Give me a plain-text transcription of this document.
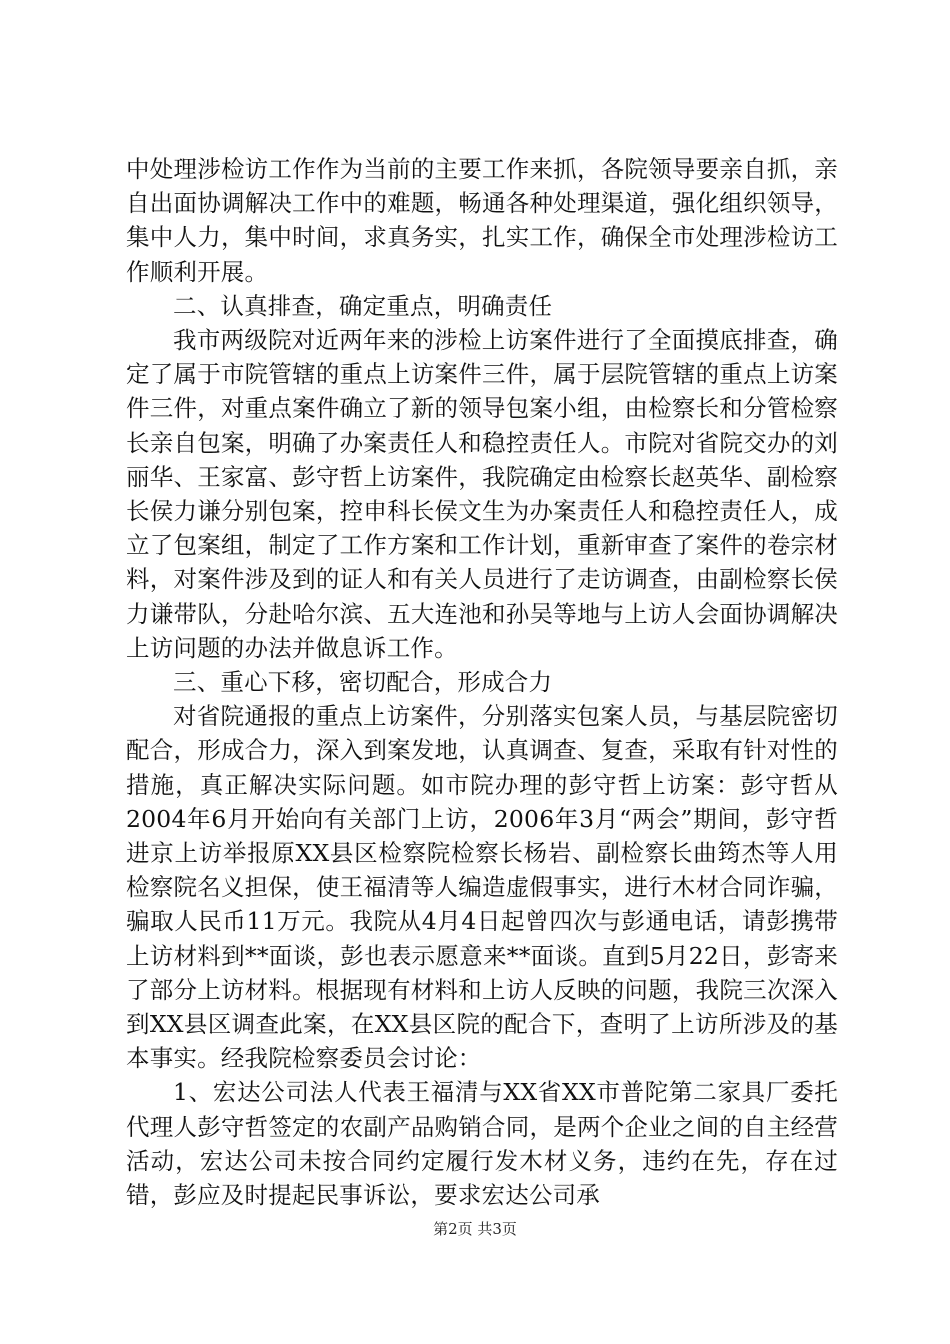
中处理涉检访工作作为当前的主要工作来抓，各院领导要亲自抓，亲自出面协调解决工作中的难题，畅通各种处理渠道，强化组织领导，集中人力，集中时间，求真务实，扎实工作，确保全市处理涉检访工作顺利开展。

二、认真排查，确定重点，明确责任

我市两级院对近两年来的涉检上访案件进行了全面摸底排查，确定了属于市院管辖的重点上访案件三件，属于层院管辖的重点上访案件三件，对重点案件确立了新的领导包案小组，由检察长和分管检察长亲自包案，明确了办案责任人和稳控责任人。市院对省院交办的刘丽华、王家富、彭守哲上访案件，我院确定由检察长赵英华、副检察长侯力谦分别包案，控申科长侯文生为办案责任人和稳控责任人，成立了包案组，制定了工作方案和工作计划，重新审查了案件的卷宗材料，对案件涉及到的证人和有关人员进行了走访调查，由副检察长侯力谦带队，分赴哈尔滨、五大连池和孙吴等地与上访人会面协调解决上访问题的办法并做息诉工作。

三、重心下移，密切配合，形成合力

对省院通报的重点上访案件，分别落实包案人员，与基层院密切配合，形成合力，深入到案发地，认真调查、复查，采取有针对性的措施，真正解决实际问题。如市院办理的彭守哲上访案：彭守哲从2004年6月开始向有关部门上访，2006年3月“两会”期间，彭守哲进京上访举报原XX县区检察院检察长杨岩、副检察长曲筠杰等人用检察院名义担保，使王福清等人编造虚假事实，进行木材合同诈骗，骗取人民币11万元。我院从4月4日起曾四次与彭通电话，请彭携带上访材料到**面谈，彭也表示愿意来**面谈。直到5月22日，彭寄来了部分上访材料。根据现有材料和上访人反映的问题，我院三次深入到XX县区调查此案，在XX县区院的配合下，查明了上访所涉及的基本事实。经我院检察委员会讨论：

1、宏达公司法人代表王福清与XX省XX市普陀第二家具厂委托代理人彭守哲签定的农副产品购销合同，是两个企业之间的自主经营活动，宏达公司未按合同约定履行发木材义务，违约在先，存在过错，彭应及时提起民事诉讼，要求宏达公司承

第2页 共3页
